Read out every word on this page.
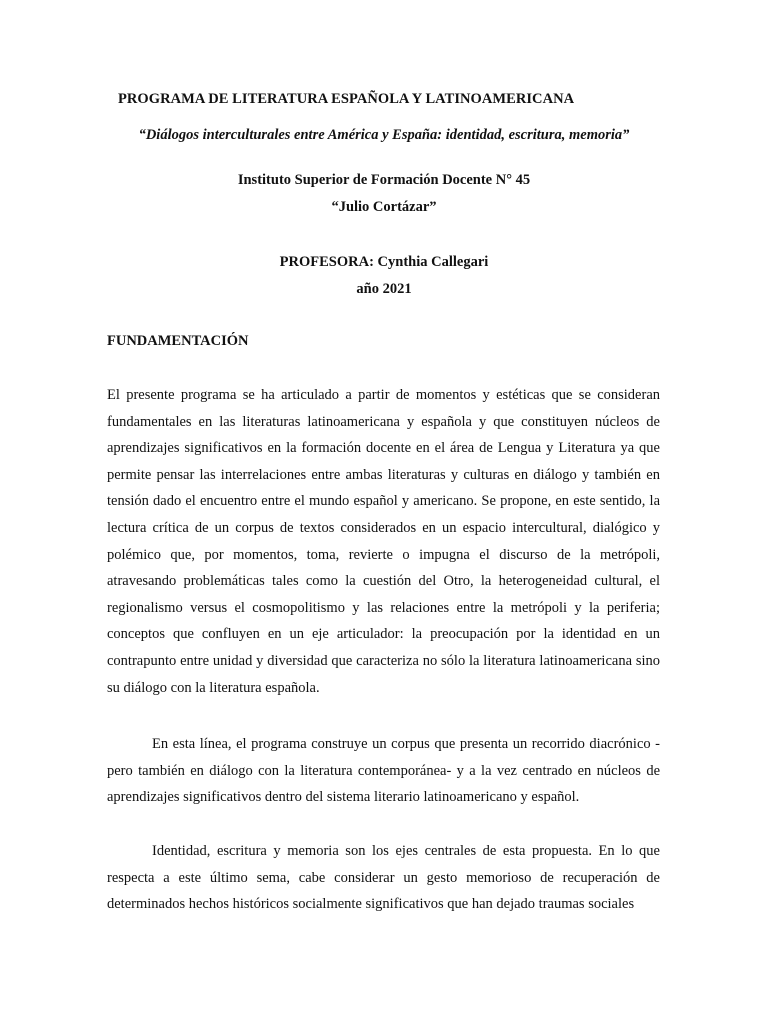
PROGRAMA DE LITERATURA ESPAÑOLA Y LATINOAMERICANA
“Diálogos interculturales entre América y España: identidad, escritura, memoria”
Instituto Superior de Formación Docente N° 45
“Julio Cortázar”
PROFESORA: Cynthia Callegari
año 2021
FUNDAMENTACIÓN

El presente programa se ha articulado a partir de momentos y estéticas que se consideran fundamentales en las literaturas latinoamericana y española y que constituyen núcleos de aprendizajes significativos en la formación docente en el área de Lengua y Literatura ya que permite pensar las interrelaciones entre ambas literaturas y culturas en diálogo y también en tensión dado el encuentro entre el mundo español y americano. Se propone, en este sentido, la lectura crítica de un corpus de textos considerados en un espacio intercultural, dialógico y polémico que, por momentos, toma, revierte o impugna el discurso de la metrópoli, atravesando problemáticas tales como la cuestión del Otro, la heterogeneidad cultural, el regionalismo versus el cosmopolitismo y las relaciones entre la metrópoli y la periferia; conceptos que confluyen en un eje articulador: la preocupación por la identidad en un contrapunto entre unidad y diversidad que caracteriza no sólo la literatura latinoamericana sino su diálogo con la literatura española.

En esta línea, el programa construye un corpus que presenta un recorrido diacrónico -pero también en diálogo con la literatura contemporánea- y a la vez centrado en núcleos de aprendizajes significativos dentro del sistema literario latinoamericano y español.

Identidad, escritura y memoria son los ejes centrales de esta propuesta. En lo que respecta a este último sema, cabe considerar un gesto memorioso de recuperación de determinados hechos históricos socialmente significativos que han dejado traumas sociales
